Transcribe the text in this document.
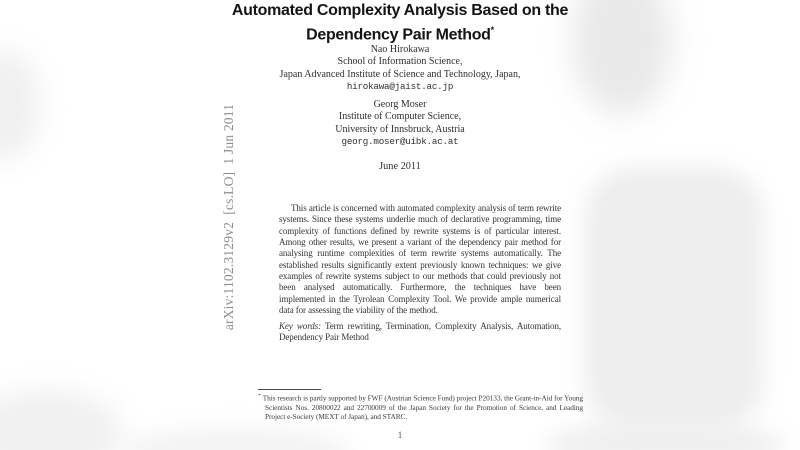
arXiv:1102.3129v2  [cs.LO]  1 Jun 2011
Automated Complexity Analysis Based on the
Dependency Pair Method*
Nao Hirokawa
School of Information Science,
Japan Advanced Institute of Science and Technology, Japan,
hirokawa@jaist.ac.jp
Georg Moser
Institute of Computer Science,
University of Innsbruck, Austria
georg.moser@uibk.ac.at
June 2011

This article is concerned with automated complexity analysis of term rewrite systems. Since these systems underlie much of declarative programming, time complexity of functions defined by rewrite systems is of particular interest. Among other results, we present a variant of the dependency pair method for analysing runtime complexities of term rewrite systems automatically. The established results significantly extent previously known techniques: we give examples of rewrite systems subject to our methods that could previously not been analysed automatically. Furthermore, the techniques have been implemented in the Tyrolean Complexity Tool. We provide ample numerical data for assessing the viability of the method.

Key words: Term rewriting, Termination, Complexity Analysis, Automation, Dependency Pair Method
* This research is partly supported by FWF (Austrian Science Fund) project P20133, the Grant-in-Aid for Young Scientists Nos. 20800022 and 22700009 of the Japan Society for the Promotion of Science, and Leading Project e-Society (MEXT of Japan), and STARC.
1
